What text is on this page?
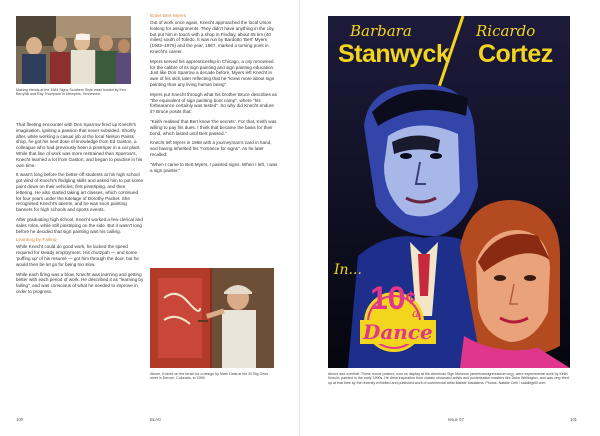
Making friends at the 1984 Signs Southern Style meet hosted by Ken Berryhill and Ray Thompson in Memphis, Tennessee.
Enter Bert Myers

Out of work once again, Knecht approached the local Union looking for assignments. They didn't have anything in the city, but put him in touch with a shop in Findlay, about 65 km (40 miles) south of Toledo. It was run by Bardotto 'Bert' Myers (1902–1975) and the year, 1967, marked a turning point in Knecht's career.

Myers served his apprenticeship in Chicago, a city renowned for the calibre of its sign painting and sign painting education. Just like Don Sparrow a decade before, Myers left Knecht in awe of his skill, later reflecting that he "knew more about sign painting than any living human being".

Myers put Knecht through what his brother Bruce describes as "the equivalent of sign painting boot camp", where "his forbearance certainly was tested". So why did Knecht endure it? Bruce posits that:

"Keith realised that Bert knew 'the secrets'. For that, Keith was willing to pay his dues. I think that became the basis for their bond, which lasted until Bert passed."

Knecht left Myers in 1968 with a journeyman's card in hand, and having inherited his "romance for signs". As he later recalled:

"When I came to Bert Myers, I painted signs. When I left, I was a sign painter."

That fleeting encounter with Don Sparrow fired up Knecht's imagination, igniting a passion that never subsided. Shortly after, while working a casual job at the local Nelson Paints shop, he got his next dose of knowledge from Ed Gaston, a colleague who had previously been a pinstriper in a car plant. While that line of work was more restrained than Sparrow's, Knecht learned a lot from Gaston, and began to practise in his own time.

It wasn't long before the better-off students at his high school got wind of Knecht's fledgling skills and asked him to put some paint down on their vehicles; first pinstriping, and then lettering. He also started taking art classes, which continued for four years under the tutelage of Dorothy Packer. She recognised Knecht's talents, and he was soon painting banners for high schools and sports events.

After graduating high school, Knecht worked a few clerical and sales roles, while still pinstriping on the side. But it wasn't long before he decided that sign painting was his calling.

Learning by Failing

While Knecht could do good work, he lacked the speed required for steady employment. His chutzpah — and some 'puffing up' of his resumé — got him through the door, but he would then be let go for being too slow.

While each firing was a blow, Knecht was learning and getting better with each period of work. He described it as "learning by failing", and was conscious of what he needed to improve in order to progress.

Above, Knecht on the brush for a design by Mark Oatis at the 20 Big Ones meet in Denver, Colorado, in 1995.
100	BLAG
Barbara
Stanwyck
Ricardo
Cortez
In...
10¢
a
Dance
Above and overleaf: These movie posters, now on display at the American Sign Museum (americansignmuseum.org), were experimental work by Keith Knecht, painted in the early 1990s. He drew inspiration from classic showcard artists and posterisation masters like Duke Wellington, and was very fired up at that time by the recently exhibited and published work of commercial artist Batiste Madalena. Photos: Natalie Celli / nataliegrilli.com
Issue 07	101
